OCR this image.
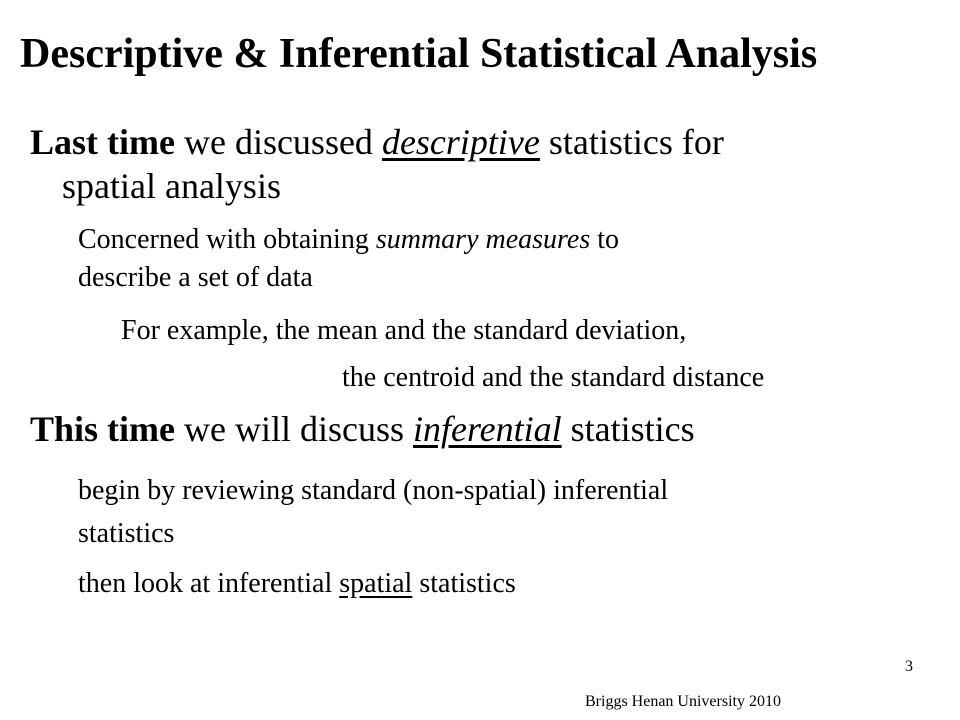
Descriptive & Inferential Statistical Analysis
Last time we discussed descriptive statistics for
spatial analysis
Concerned with obtaining summary measures to
describe a set of data
For example, the mean and the standard deviation,
the centroid and the standard distance
This time we will discuss inferential statistics
begin by reviewing standard (non-spatial) inferential
statistics
then look at inferential spatial statistics
3
Briggs Henan University 2010
